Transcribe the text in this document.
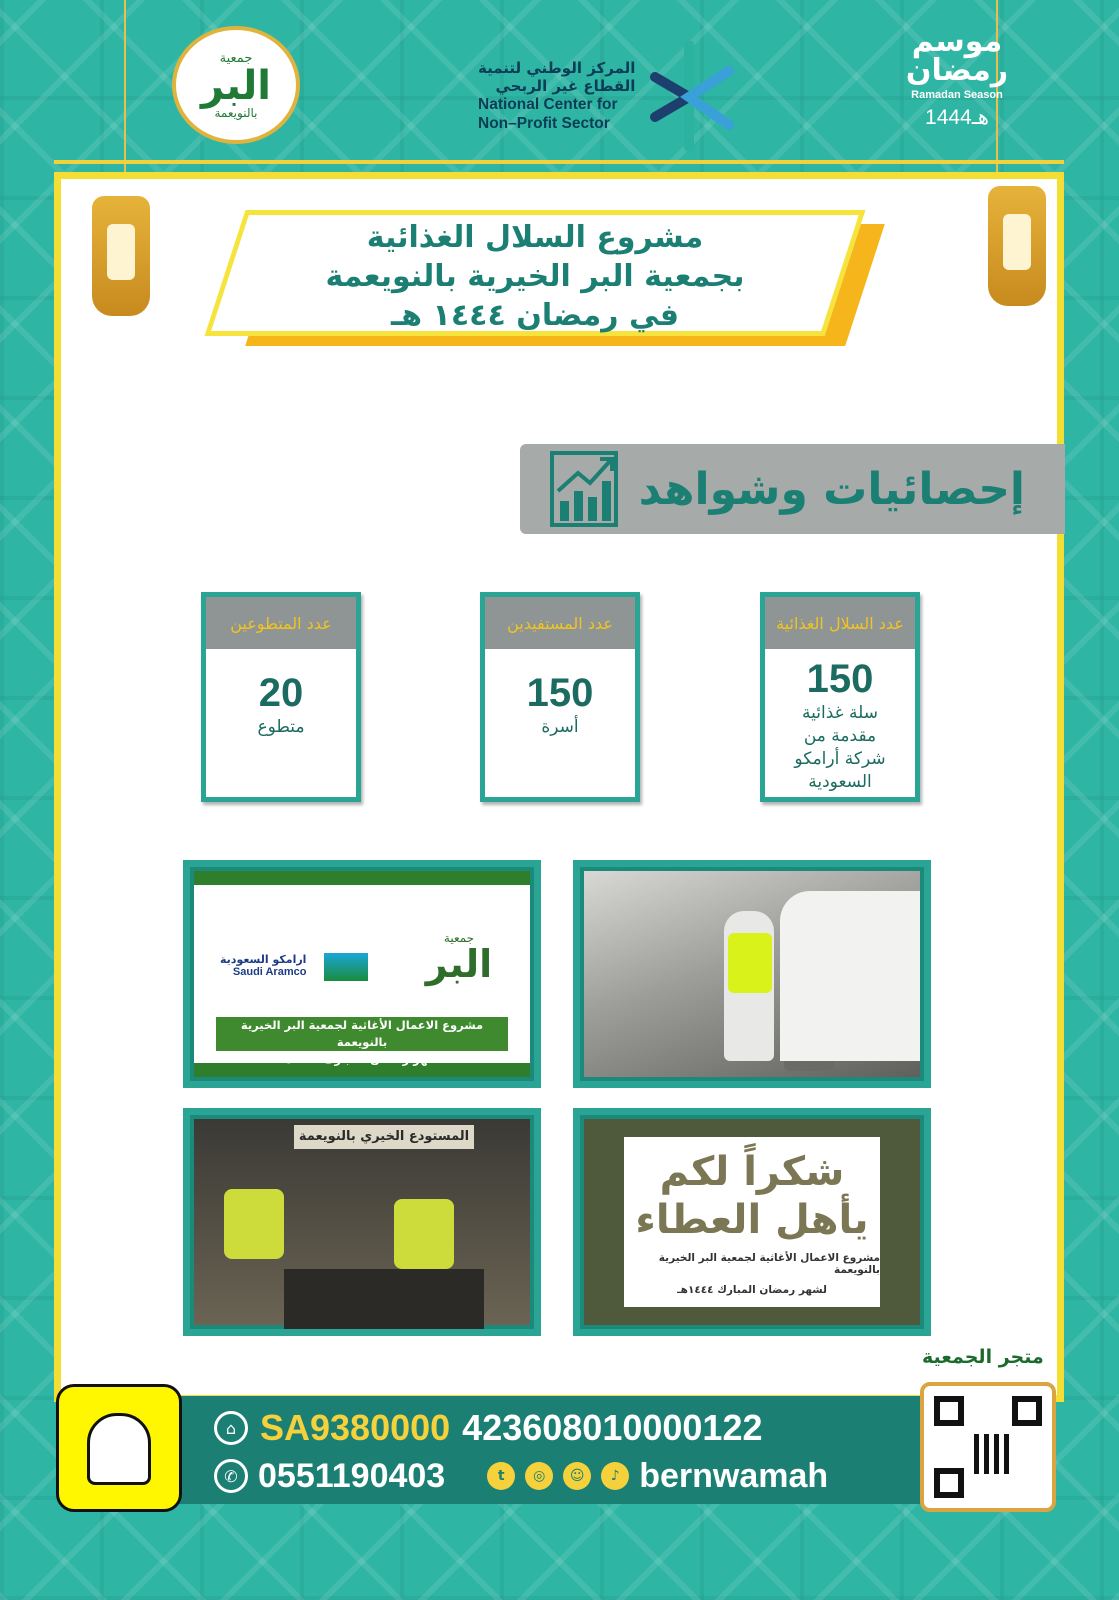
جمعية
البر
بالنويعمة
المركز الوطني لتنمية
القطاع غير الربحي
National Center for
Non–Profit Sector
موسم
رمضان
Ramadan Season
1444هـ
مشروع السلال الغذائية
بجمعية البر الخيرية بالنويعمة
في رمضان ١٤٤٤ هـ
إحصائيات وشواهد
عدد السلال الغذائية
150
سلة غذائية
مقدمة من
شركة أرامكو
السعودية
عدد المستفيدين
150
أسرة
عدد المتطوعين
20
متطوع
ارامكو السعودية
Saudi Aramco
جمعية
البر
مشروع الاعمال الأغاثية لجمعية البر الخيرية بالنويعمة
لشهر رمضان المبارك ١٤٤٤هـ
المستودع الخيري بالنويعمة
شكراً لكم
يأهل العطاء
مشروع الاعمال الأغاثية لجمعية البر الخيرية بالنويعمة
لشهر رمضان المبارك ١٤٤٤هـ
متجر الجمعية
⌂ SA9380000 423608010000122
✆ 0551190403	t	◎	☺	♪ bernwamah
